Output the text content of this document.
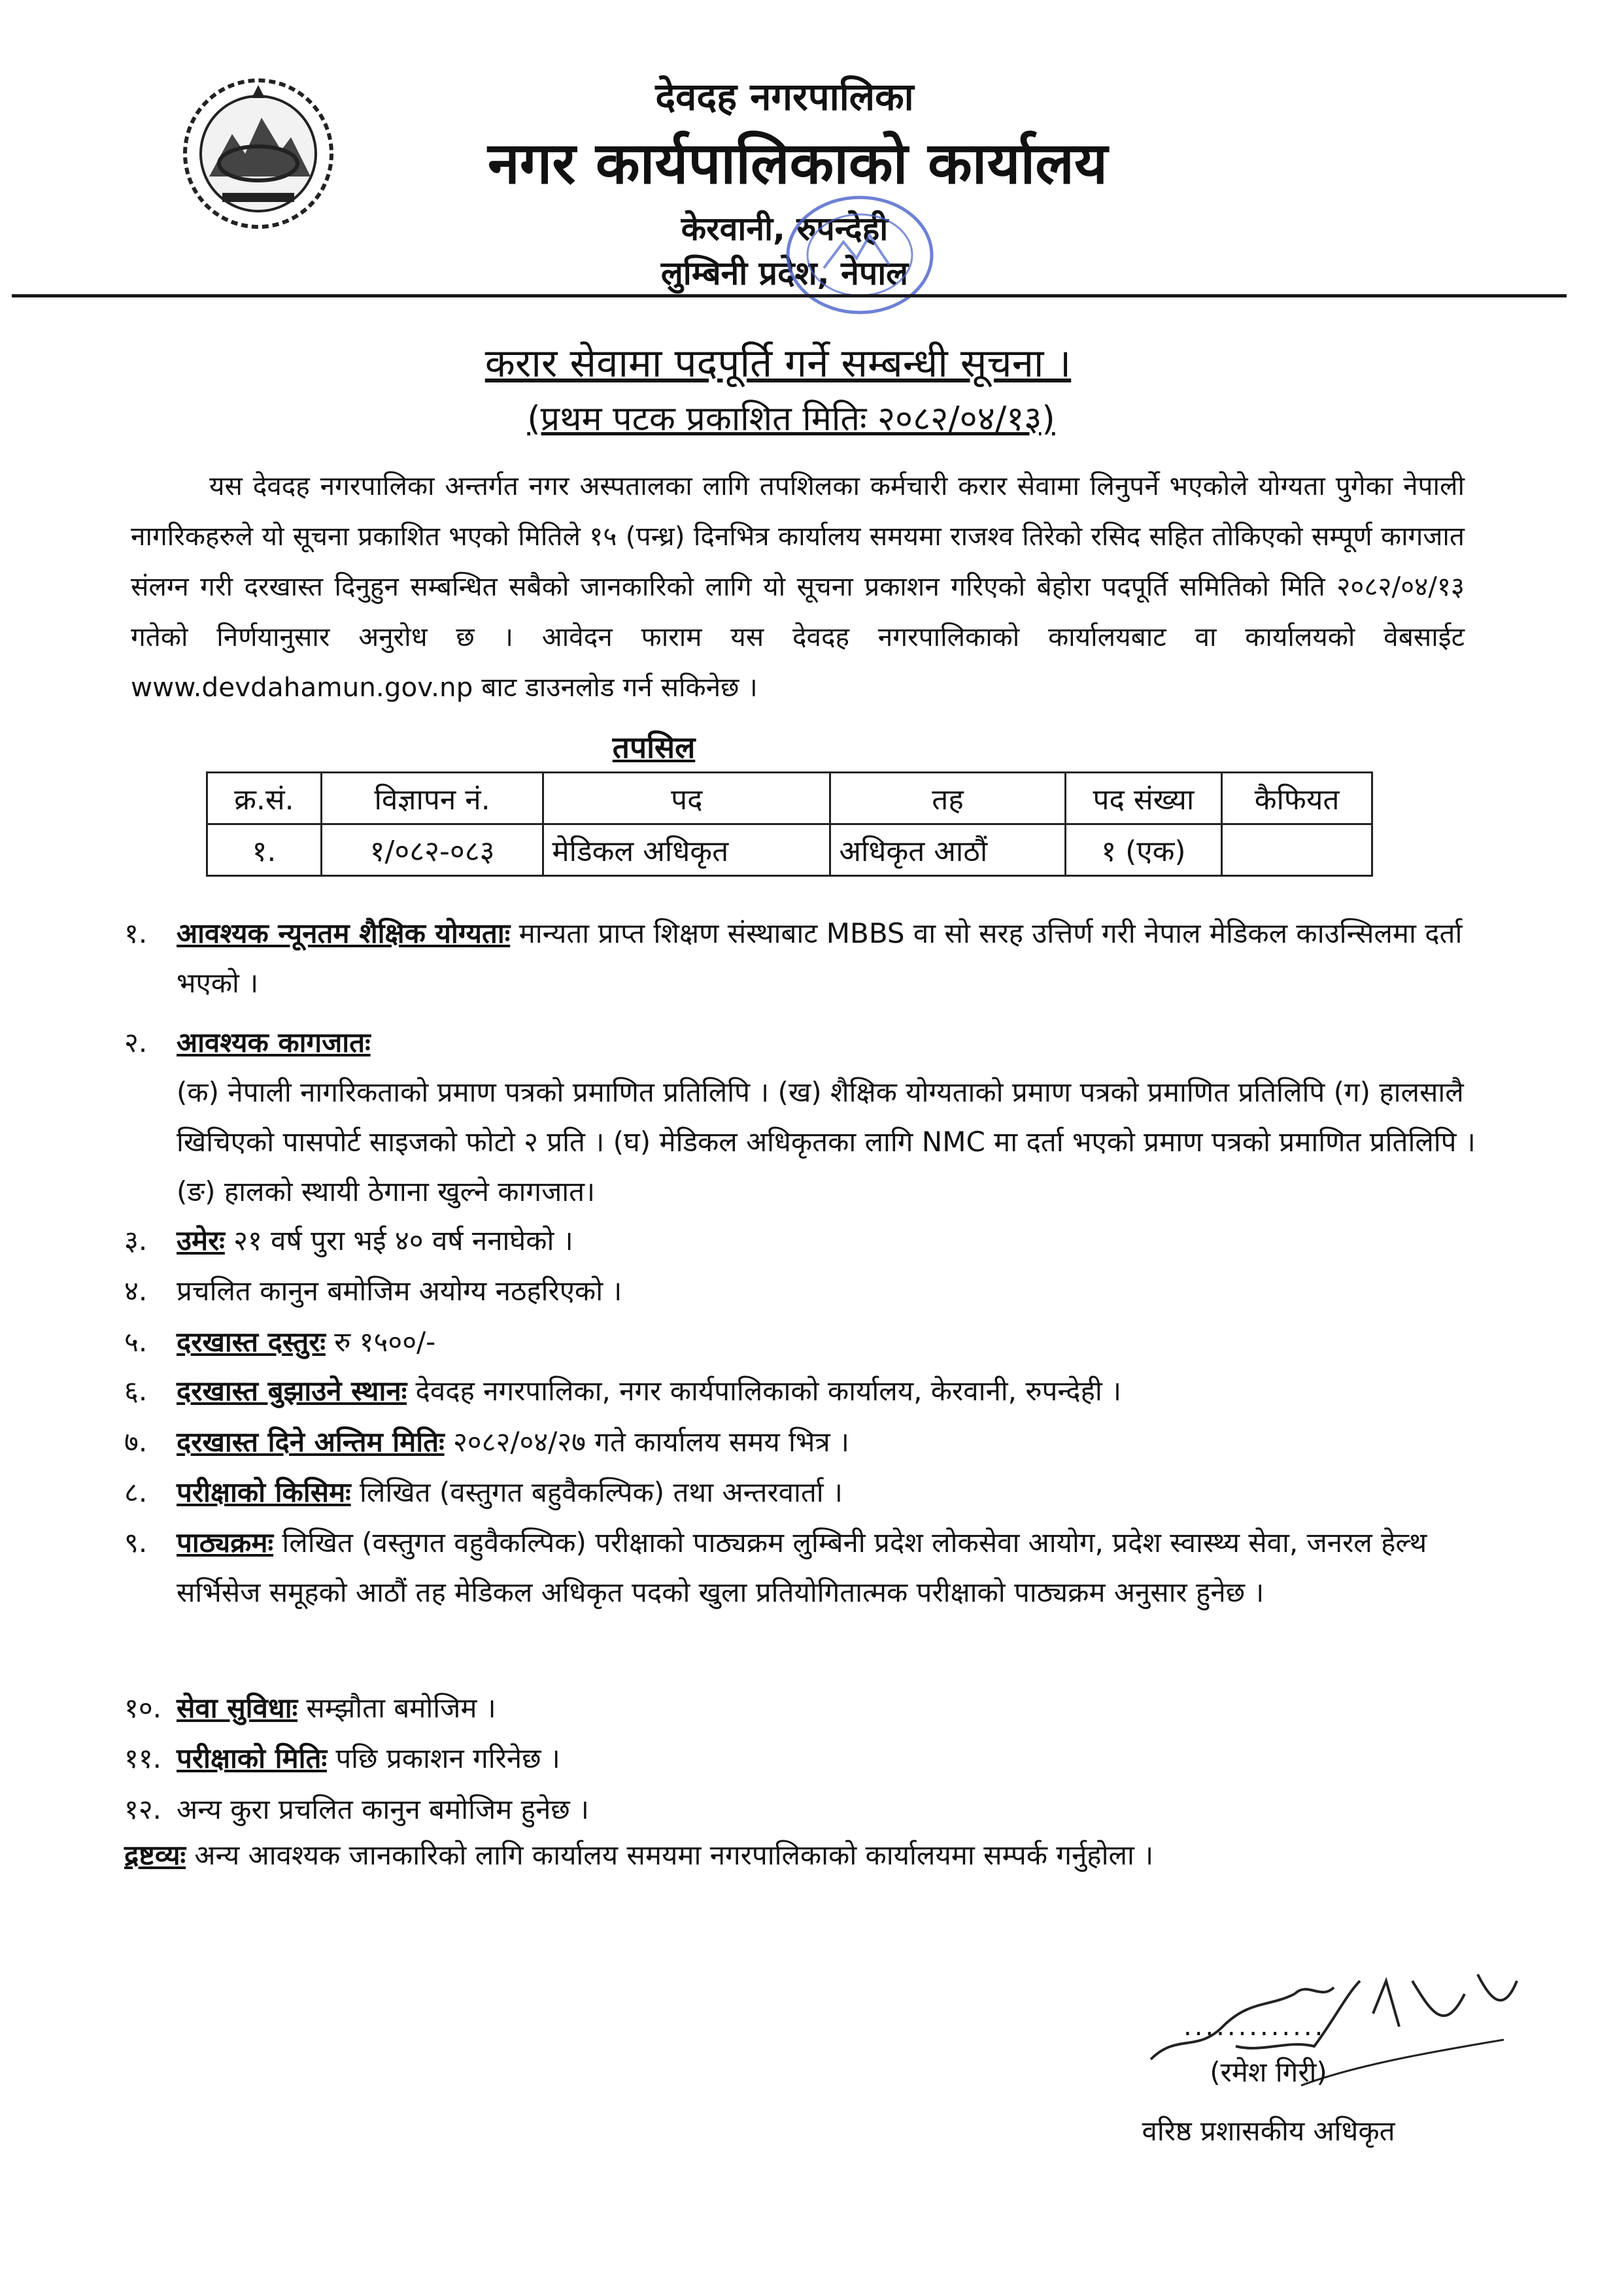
देवदह नगरपालिका
नगर कार्यपालिकाको कार्यालय
केरवानी, रुपन्देही
लुम्बिनी प्रदेश, नेपाल
करार सेवामा पदपूर्ति गर्ने सम्बन्धी सूचना ।
(प्रथम पटक प्रकाशित मितिः २०८२/०४/१३)
यस देवदह नगरपालिका अन्तर्गत नगर अस्पतालका लागि तपशिलका कर्मचारी करार सेवामा लिनुपर्ने भएकोले योग्यता पुगेका नेपाली नागरिकहरुले यो सूचना प्रकाशित भएको मितिले १५ (पन्ध्र) दिनभित्र कार्यालय समयमा राजश्व तिरेको रसिद सहित तोकिएको सम्पूर्ण कागजात संलग्न गरी दरखास्त दिनुहुन सम्बन्धित सबैको जानकारिको लागि यो सूचना प्रकाशन गरिएको बेहोरा पदपूर्ति समितिको मिति २०८२/०४/१३ गतेको निर्णयानुसार अनुरोध छ । आवेदन फाराम यस देवदह नगरपालिकाको कार्यालयबाट वा कार्यालयको वेबसाईट www.devdahamun.gov.np बाट डाउनलोड गर्न सकिनेछ ।
तपसिल
क्र.सं.	विज्ञापन नं.	पद	तह	पद संख्या	कैफियत
१.	१/०८२-०८३	मेडिकल अधिकृत	अधिकृत आठौं	१ (एक)	
१.	आवश्यक न्यूनतम शैक्षिक योग्यताः मान्यता प्राप्त शिक्षण संस्थाबाट MBBS वा सो सरह उत्तिर्ण गरी नेपाल मेडिकल काउन्सिलमा दर्ता भएको ।
२.	आवश्यक कागजातः
(क) नेपाली नागरिकताको प्रमाण पत्रको प्रमाणित प्रतिलिपि । (ख) शैक्षिक योग्यताको प्रमाण पत्रको प्रमाणित प्रतिलिपि (ग) हालसालै खिचिएको पासपोर्ट साइजको फोटो २ प्रति । (घ) मेडिकल अधिकृतका लागि NMC मा दर्ता भएको प्रमाण पत्रको प्रमाणित प्रतिलिपि । (ङ) हालको स्थायी ठेगाना खुल्ने कागजात।
३.	उमेरः २१ वर्ष पुरा भई ४० वर्ष ननाघेको ।
४.	प्रचलित कानुन बमोजिम अयोग्य नठहरिएको ।
५.	दरखास्त दस्तुरः रु १५००/-
६.	दरखास्त बुझाउने स्थानः देवदह नगरपालिका, नगर कार्यपालिकाको कार्यालय, केरवानी, रुपन्देही ।
७.	दरखास्त दिने अन्तिम मितिः २०८२/०४/२७ गते कार्यालय समय भित्र ।
८.	परीक्षाको किसिमः लिखित (वस्तुगत बहुवैकल्पिक) तथा अन्तरवार्ता ।
९.	पाठ्यक्रमः लिखित (वस्तुगत वहुवैकल्पिक) परीक्षाको पाठ्यक्रम लुम्बिनी प्रदेश लोकसेवा आयोग, प्रदेश स्वास्थ्य सेवा, जनरल हेल्थ सर्भिसेज समूहको आठौं तह मेडिकल अधिकृत पदको खुला प्रतियोगितात्मक परीक्षाको पाठ्यक्रम अनुसार हुनेछ ।
१०. सेवा सुविधाः सम्झौता बमोजिम ।
११. परीक्षाको मितिः पछि प्रकाशन गरिनेछ ।
१२. अन्य कुरा प्रचलित कानुन बमोजिम हुनेछ ।
द्रष्टव्यः अन्य आवश्यक जानकारिको लागि कार्यालय समयमा नगरपालिकाको कार्यालयमा सम्पर्क गर्नुहोला ।
.............
(रमेश गिरी)
वरिष्ठ प्रशासकीय अधिकृत
